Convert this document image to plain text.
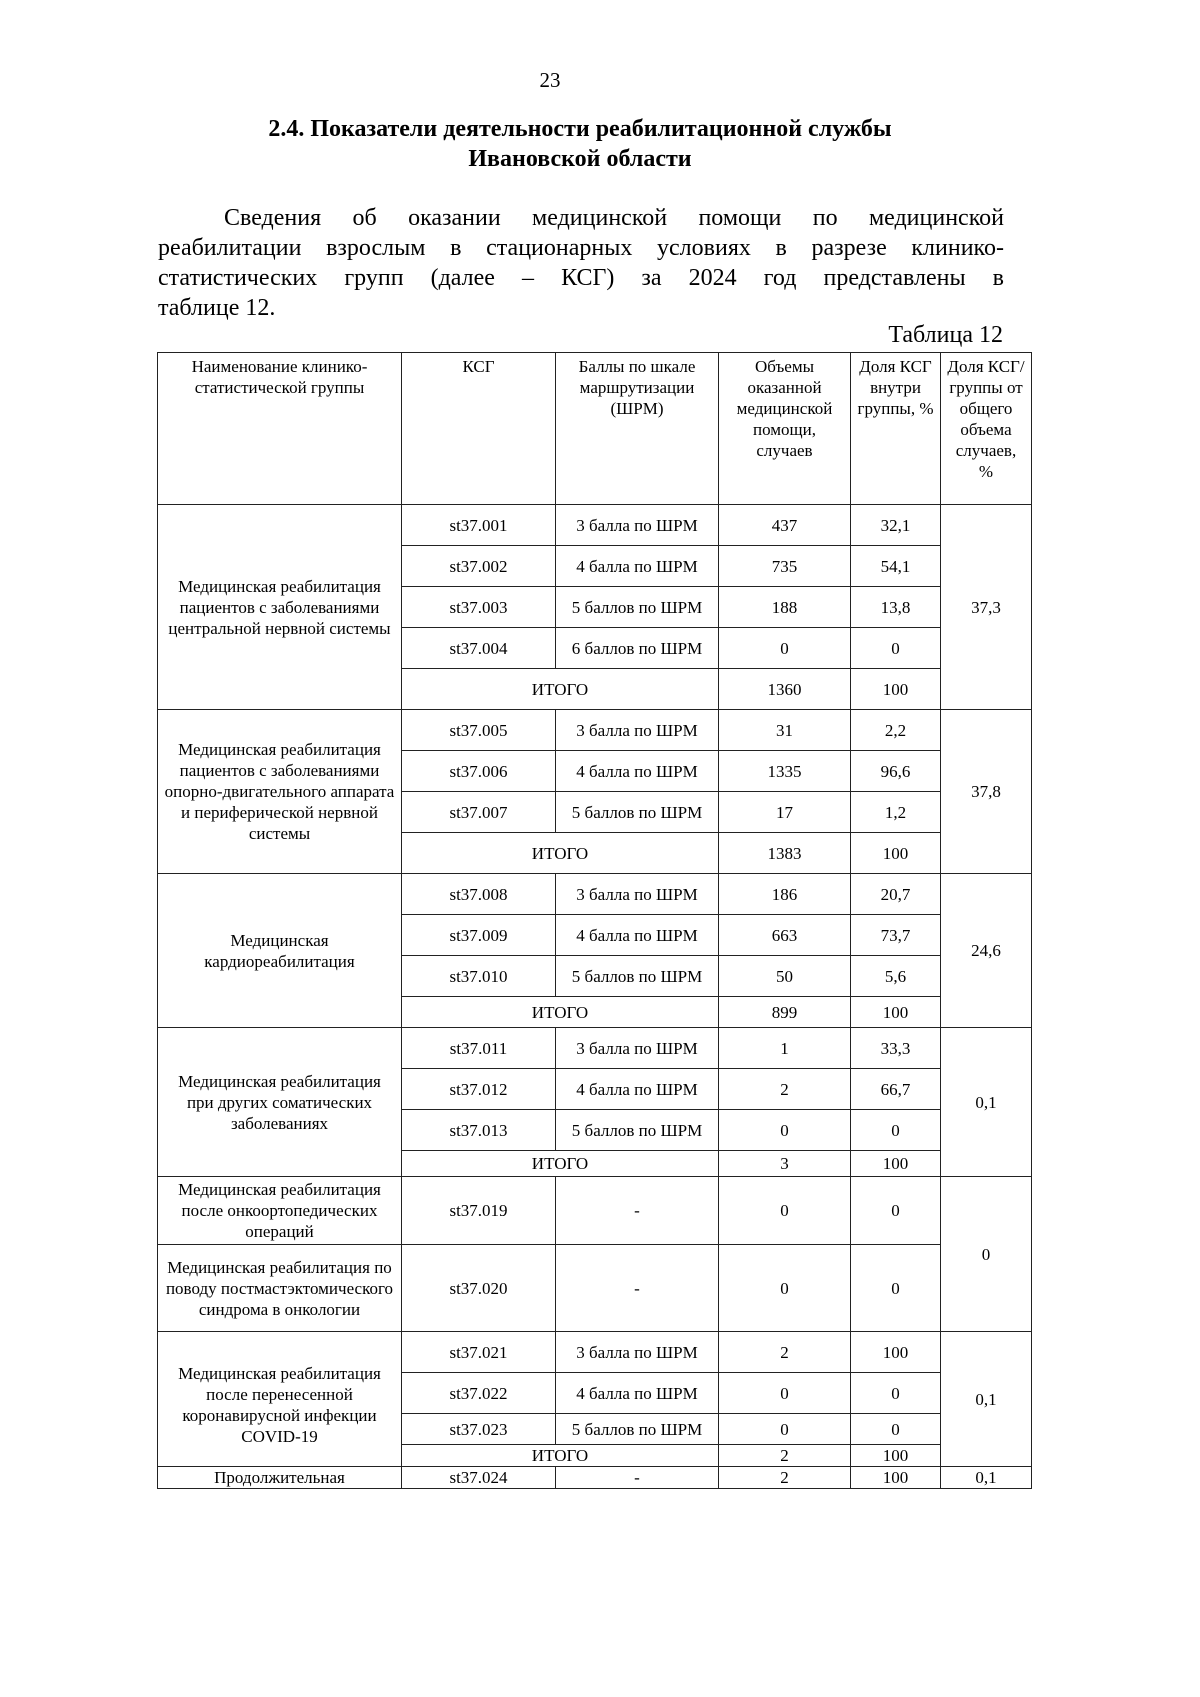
23
2.4. Показатели деятельности реабилитационной службы
Ивановской области
Сведения об оказании медицинской помощи по медицинской
реабилитации взрослым в стационарных условиях в разрезе клинико-
статистических групп (далее – КСГ) за 2024 год представлены в
таблице 12.
Таблица 12
Наименование клинико-статистической группы	КСГ	Баллы по шкале маршрутизации (ШРМ)	Объемы оказанной медицинской помощи, случаев	Доля КСГ внутри группы, %	Доля КСГ/группы от общего объема случаев, %
Медицинская реабилитация пациентов с заболеваниями центральной нервной системы	st37.001	3 балла по ШРМ	437	32,1	37,3
	st37.002	4 балла по ШРМ	735	54,1	
	st37.003	5 баллов по ШРМ	188	13,8	
	st37.004	6 баллов по ШРМ	0	0	
	ИТОГО		1360	100	
Медицинская реабилитация пациентов с заболеваниями опорно-двигательного аппарата и периферической нервной системы	st37.005	3 балла по ШРМ	31	2,2	37,8
	st37.006	4 балла по ШРМ	1335	96,6	
	st37.007	5 баллов по ШРМ	17	1,2	
	ИТОГО		1383	100	
Медицинская кардиореабилитация	st37.008	3 балла по ШРМ	186	20,7	24,6
	st37.009	4 балла по ШРМ	663	73,7	
	st37.010	5 баллов по ШРМ	50	5,6	
	ИТОГО		899	100	
Медицинская реабилитация при других соматических заболеваниях	st37.011	3 балла по ШРМ	1	33,3	0,1
	st37.012	4 балла по ШРМ	2	66,7	
	st37.013	5 баллов по ШРМ	0	0	
	ИТОГО		3	100	
Медицинская реабилитация после онкоортопедических операций	st37.019	-	0	0	0
Медицинская реабилитация по поводу постмастэктомического синдрома в онкологии	st37.020	-	0	0	
Медицинская реабилитация после перенесенной коронавирусной инфекции COVID-19	st37.021	3 балла по ШРМ	2	100	0,1
	st37.022	4 балла по ШРМ	0	0	
	st37.023	5 баллов по ШРМ	0	0	
	ИТОГО		2	100	
Продолжительная	st37.024	-	2	100	0,1
